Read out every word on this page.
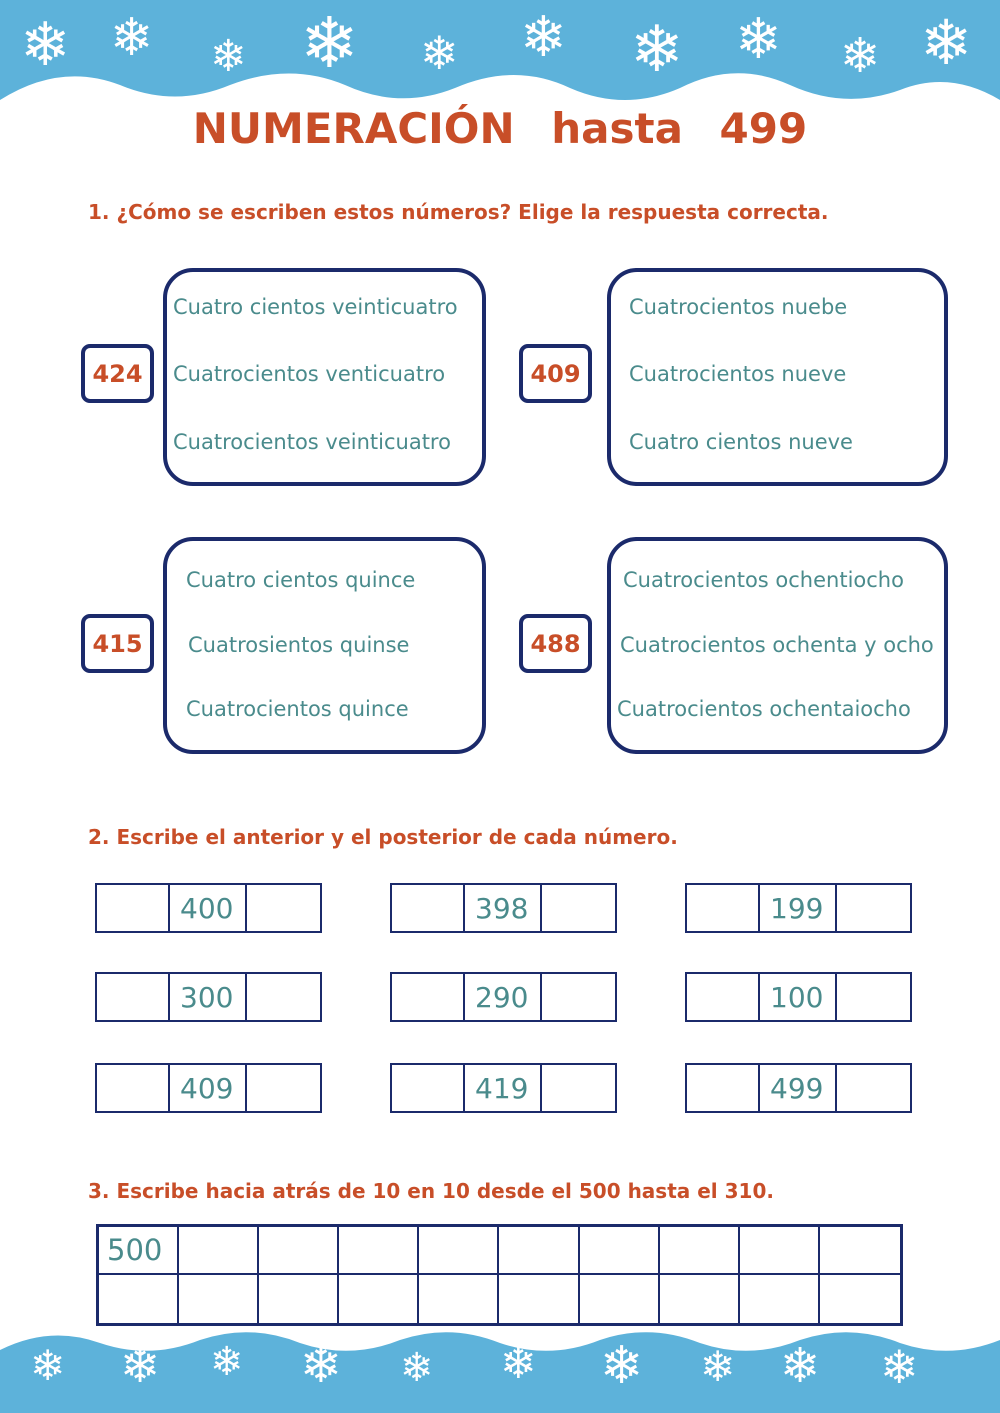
❄ ❄ ❄ ❄ ❄ ❄ ❄ ❄ ❄ ❄
❄ ❄ ❄ ❄ ❄ ❄ ❄ ❄ ❄ ❄
NUMERACIÓN hasta 499
1. ¿Cómo se escriben estos números? Elige la respuesta correcta.
424
Cuatro cientos veinticuatro
Cuatrocientos venticuatro
Cuatrocientos veinticuatro
409
Cuatrocientos nuebe
Cuatrocientos nueve
Cuatro cientos nueve
415
Cuatro cientos quince
Cuatrosientos quinse
Cuatrocientos quince
488
Cuatrocientos ochentiocho
Cuatrocientos ochenta y ocho
Cuatrocientos ochentaiocho
2. Escribe el anterior y el posterior de cada número.
400	398	199
300	290	100
409	419	499
3. Escribe hacia atrás de 10 en 10 desde el 500 hasta el 310.
500
